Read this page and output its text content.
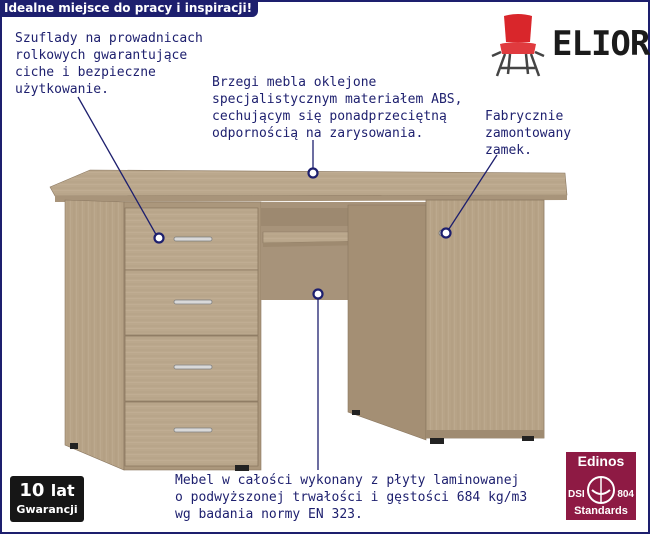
Idealne miejsce do pracy i inspiracji!
Szuflady na prowadnicach
rolkowych gwarantujące
ciche i bezpieczne
użytkowanie.	Brzegi mebla oklejone
specjalistycznym materiałem ABS,
cechującym się ponadprzeciętną
odpornością na zarysowania.
Fabrycznie
zamontowany
zamek.
Mebel w całości wykonany z płyty laminowanej
o podwyższonej trwałości i gęstości 684 kg/m3
wg badania normy EN 323.
ELIOR
10 lat
Gwarancji
Edinos
DSI	804
Standards
